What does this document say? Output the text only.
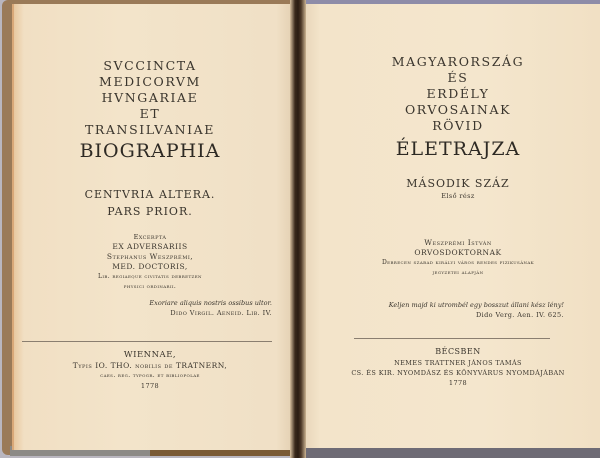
SVCCINCTA
MEDICORVM
HVNGARIAE
ET
TRANSILVANIAE
BIOGRAPHIA
CENTVRIA ALTERA.
PARS PRIOR.
Excerpta
EX ADVERSARIIS
Stephanus Weszprémi,
MED. DOCTORIS,
Lib. regiaeque civitatis debretzen
physici ordinarii.
Exoriare aliquis nostris ossibus ultor.
Dido Virgil. Aeneid. Lib. IV.
WIENNAE,
Typis IO. THO. nobilis de TRATNERN,
caes. reg. typogr. et bibliopolae
1778
MAGYARORSZÁG
ÉS
ERDÉLY
ORVOSAINAK
RÖVID
ÉLETRAJZA
MÁSODIK SZÁZ
Első rész
Weszprémi István
ORVOSDOKTORNAK
Debrecen szabad királyi város rendes fizikusának
jegyzetei alapján
Keljen majd ki utrombél egy bosszut állani kész lény!
Dido Verg. Aen. IV. 625.
BÉCSBEN
NEMES TRATTNER JÁNOS TAMÁS
CS. ÉS KIR. NYOMDÁSZ ÉS KÖNYVÁRUS NYOMDÁJÁBAN
1778
